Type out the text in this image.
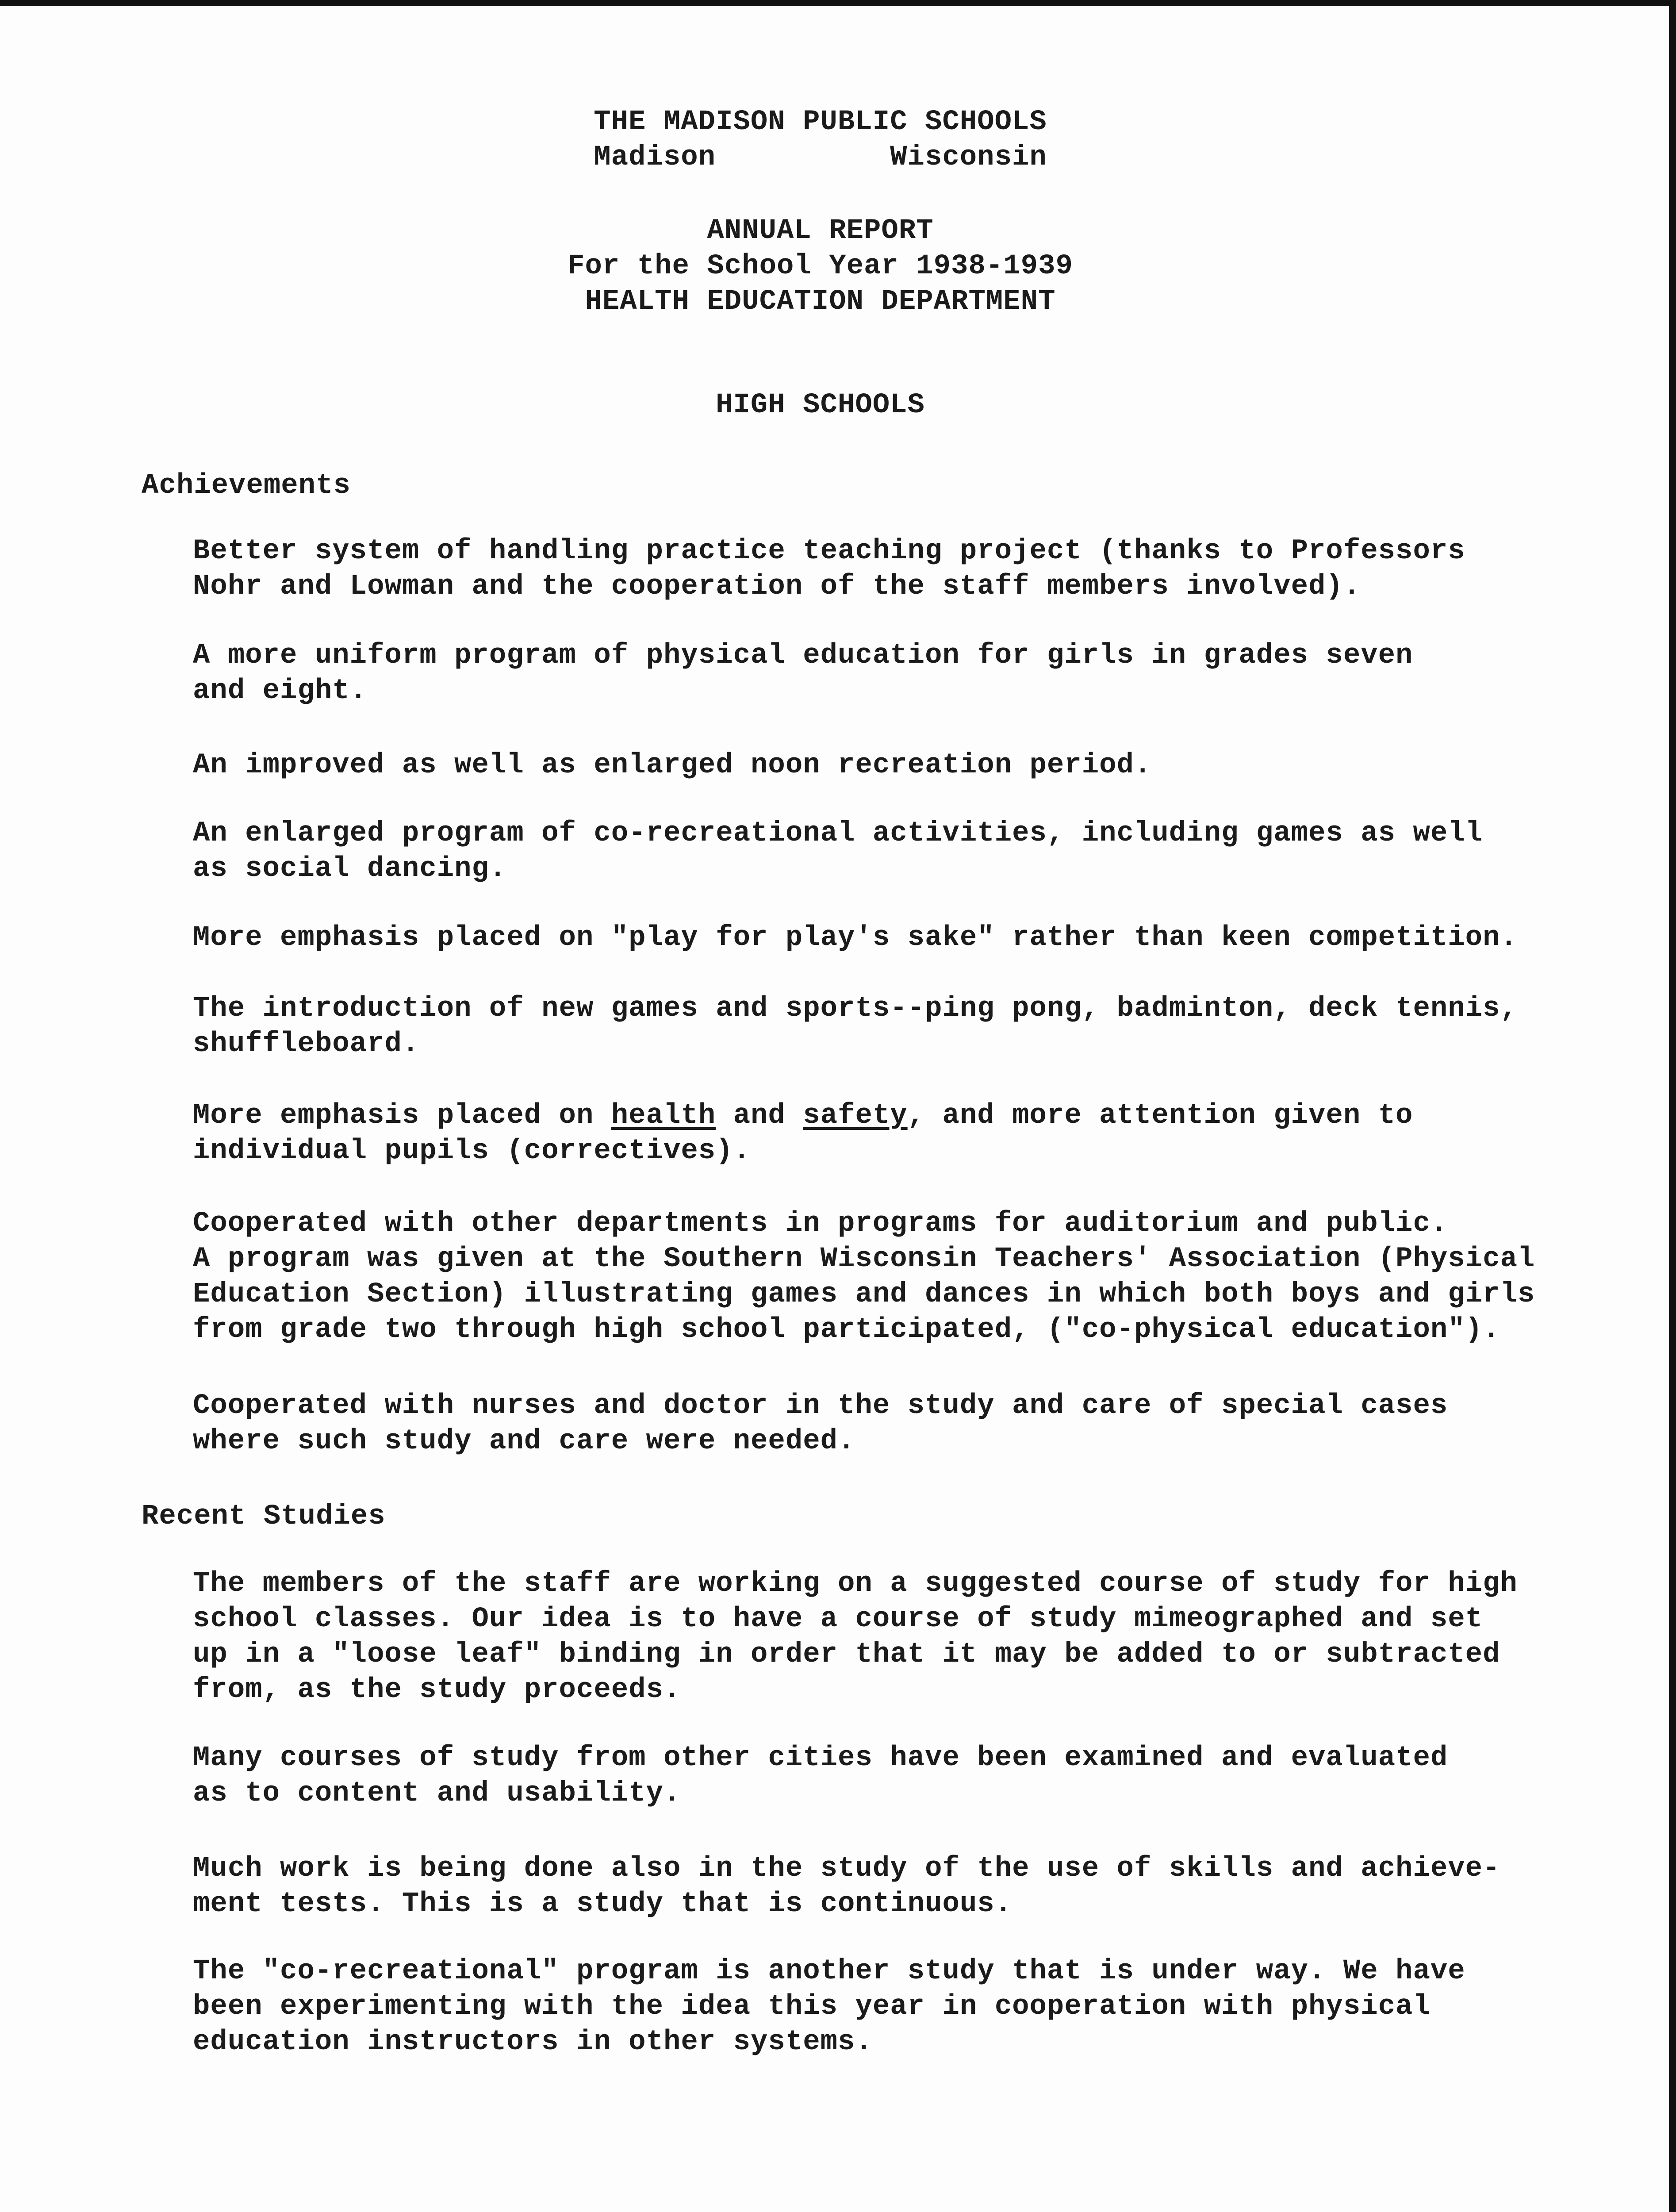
THE MADISON PUBLIC SCHOOLS
Madison          Wisconsin
ANNUAL REPORT
For the School Year 1938-1939
HEALTH EDUCATION DEPARTMENT
HIGH SCHOOLS
Achievements
Better system of handling practice teaching project (thanks to Professors
Nohr and Lowman and the cooperation of the staff members involved).
A more uniform program of physical education for girls in grades seven
and eight.
An improved as well as enlarged noon recreation period.
An enlarged program of co-recreational activities, including games as well
as social dancing.
More emphasis placed on "play for play's sake" rather than keen competition.
The introduction of new games and sports--ping pong, badminton, deck tennis,
shuffleboard.
More emphasis placed on health and safety, and more attention given to
individual pupils (correctives).
Cooperated with other departments in programs for auditorium and public.
A program was given at the Southern Wisconsin Teachers' Association (Physical
Education Section) illustrating games and dances in which both boys and girls
from grade two through high school participated, ("co-physical education").
Cooperated with nurses and doctor in the study and care of special cases
where such study and care were needed.
Recent Studies
The members of the staff are working on a suggested course of study for high
school classes. Our idea is to have a course of study mimeographed and set
up in a "loose leaf" binding in order that it may be added to or subtracted
from, as the study proceeds.
Many courses of study from other cities have been examined and evaluated
as to content and usability.
Much work is being done also in the study of the use of skills and achieve-
ment tests. This is a study that is continuous.
The "co-recreational" program is another study that is under way. We have
been experimenting with the idea this year in cooperation with physical
education instructors in other systems.
